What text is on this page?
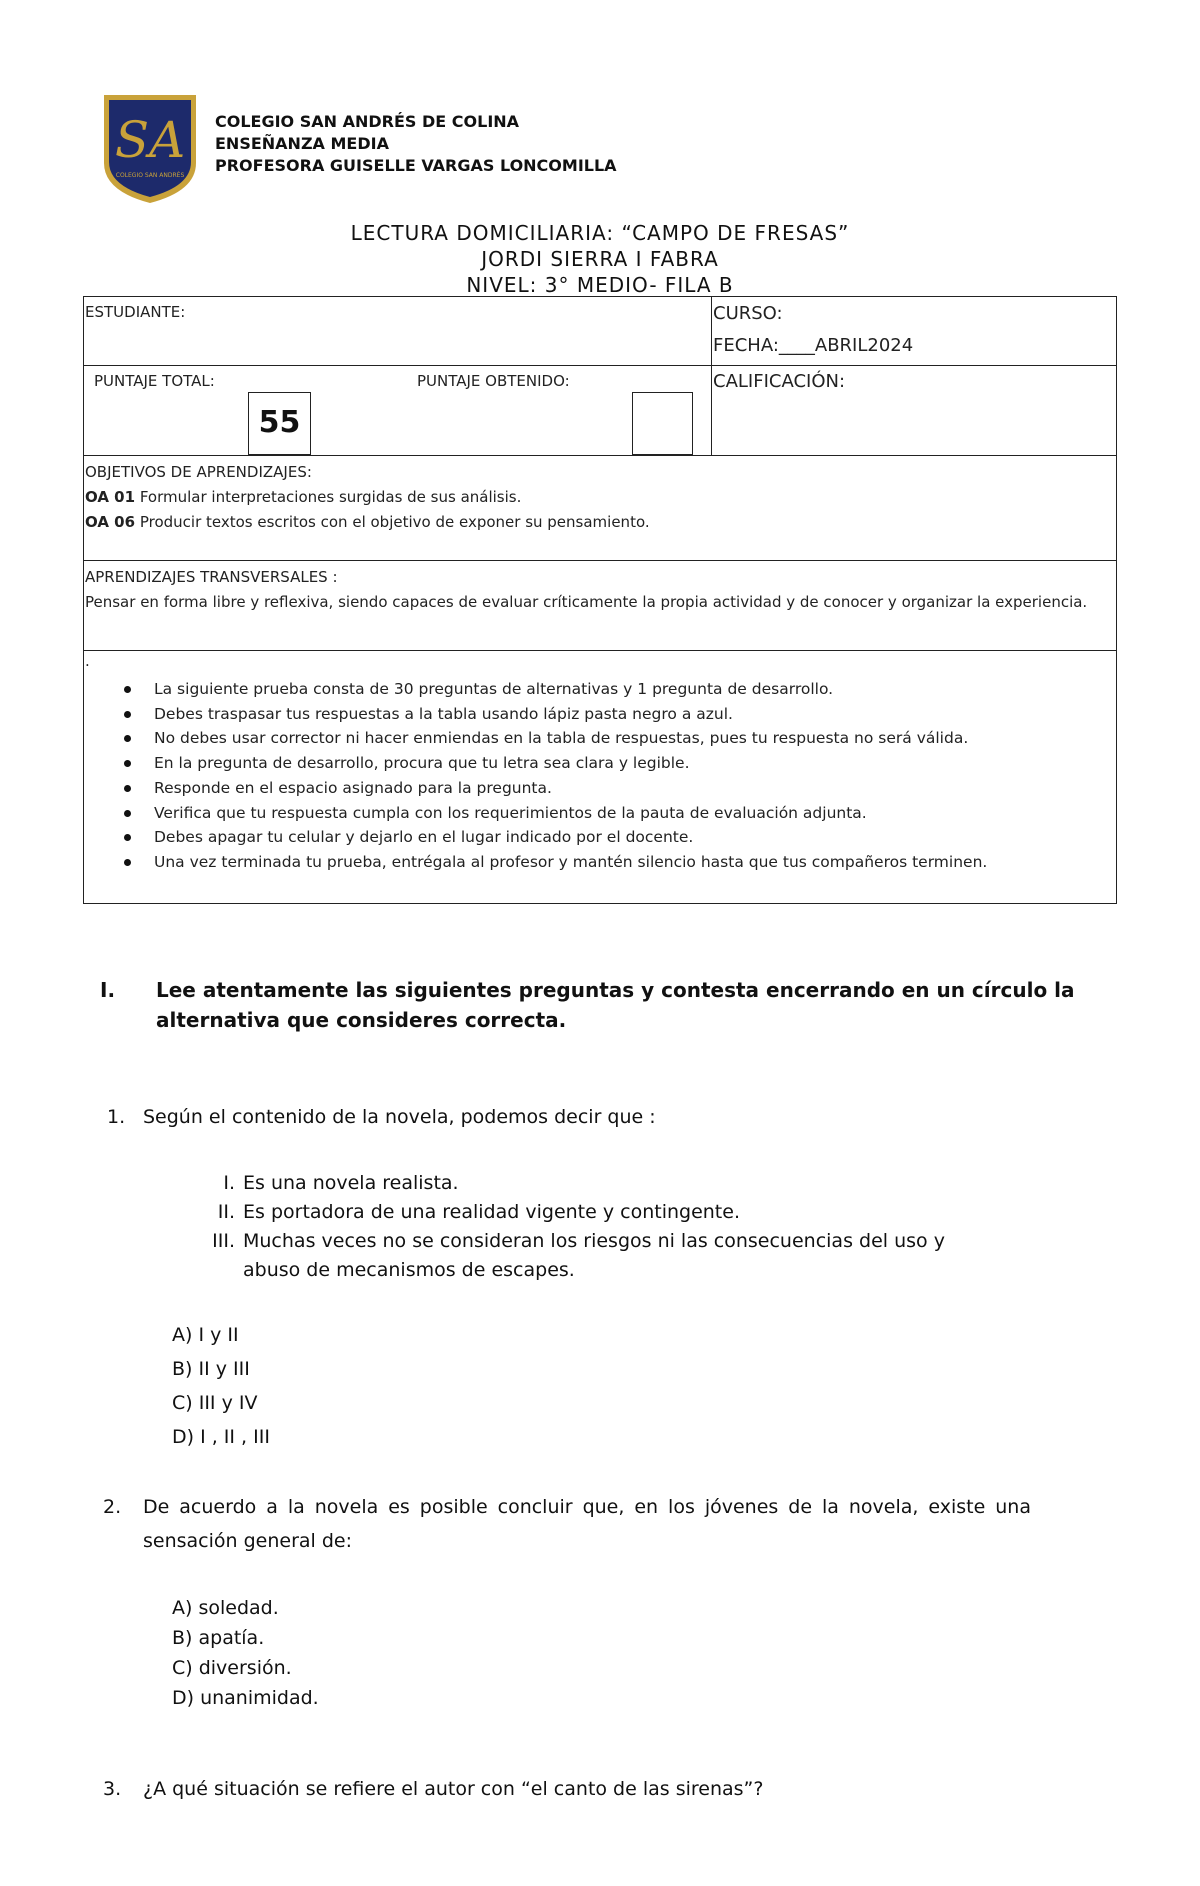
SA
COLEGIO SAN ANDRÉS
COLEGIO SAN ANDRÉS DE COLINA
ENSEÑANZA MEDIA
PROFESORA GUISELLE VARGAS LONCOMILLA
LECTURA DOMICILIARIA: “CAMPO DE FRESAS”
JORDI SIERRA I FABRA
NIVEL: 3° MEDIO- FILA B
ESTUDIANTE:	CURSO:
FECHA:____ABRIL2024
PUNTAJE TOTAL:
55
PUNTAJE OBTENIDO:	CALIFICACIÓN:
OBJETIVOS DE APRENDIZAJES:
OA 01 Formular interpretaciones surgidas de sus análisis.
OA 06 Producir textos escritos con el objetivo de exponer su pensamiento.
APRENDIZAJES TRANSVERSALES :
Pensar en forma libre y reflexiva, siendo capaces de evaluar críticamente la propia actividad y de conocer y organizar la experiencia.
.
La siguiente prueba consta de 30 preguntas de alternativas y 1 pregunta de desarrollo.
Debes traspasar tus respuestas a la tabla usando lápiz pasta negro a azul.
No debes usar corrector ni hacer enmiendas en la tabla de respuestas, pues tu respuesta no será válida.
En la pregunta de desarrollo, procura que tu letra sea clara y legible.
Responde en el espacio asignado para la pregunta.
Verifica que tu respuesta cumpla con los requerimientos de la pauta de evaluación adjunta.
Debes apagar tu celular y dejarlo en el lugar indicado por el docente.
Una vez terminada tu prueba, entrégala al profesor y mantén silencio hasta que tus compañeros terminen.
I. Lee atentamente las siguientes preguntas y contesta encerrando en un círculo la alternativa que consideres correcta.
1. Según el contenido de la novela, podemos decir que :
I. Es una novela realista.
II. Es portadora de una realidad vigente y contingente.
III. Muchas veces no se consideran los riesgos ni las consecuencias del uso y abuso de mecanismos de escapes.
A) I y II
B) II y III
C) III y IV
D) I , II , III
2. De acuerdo a la novela es posible concluir que, en los jóvenes de la novela, existe una sensación general de:
A) soledad.
B) apatía.
C) diversión.
D) unanimidad.
3. ¿A qué situación se refiere el autor con “el canto de las sirenas”?
